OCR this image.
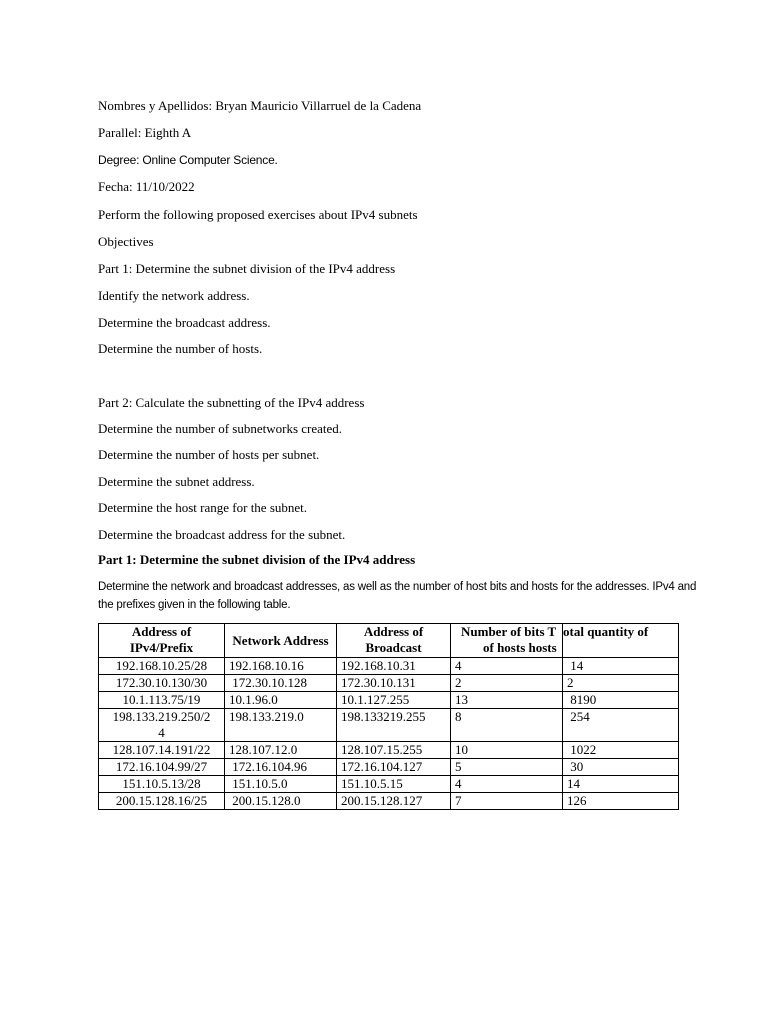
Nombres y Apellidos: Bryan Mauricio Villarruel de la Cadena

Parallel: Eighth A

Degree: Online Computer Science.

Fecha: 11/10/2022

Perform the following proposed exercises about IPv4 subnets

Objectives

Part 1: Determine the subnet division of the IPv4 address

Identify the network address.

Determine the broadcast address.

Determine the number of hosts.

Part 2: Calculate the subnetting of the IPv4 address

Determine the number of subnetworks created.

Determine the number of hosts per subnet.

Determine the subnet address.

Determine the host range for the subnet.

Determine the broadcast address for the subnet.

Part 1: Determine the subnet division of the IPv4 address

Determine the network and broadcast addresses, as well as the number of host bits and hosts for the addresses. IPv4 and the prefixes given in the following table.

Address of IPv4/Prefix	Network Address	Address of Broadcast	Number of bits T
of hosts hosts	otal quantity of
192.168.10.25/28	192.168.10.16	192.168.10.31	4	14
172.30.10.130/30	172.30.10.128	172.30.10.131	2	2
10.1.113.75/19	10.1.96.0	10.1.127.255	13	8190
198.133.219.250/2
4	198.133.219.0	198.133219.255	8	254
128.107.14.191/22	128.107.12.0	128.107.15.255	10	1022
172.16.104.99/27	172.16.104.96	172.16.104.127	5	30
151.10.5.13/28	151.10.5.0	151.10.5.15	4	14
200.15.128.16/25	200.15.128.0	200.15.128.127	7	126
